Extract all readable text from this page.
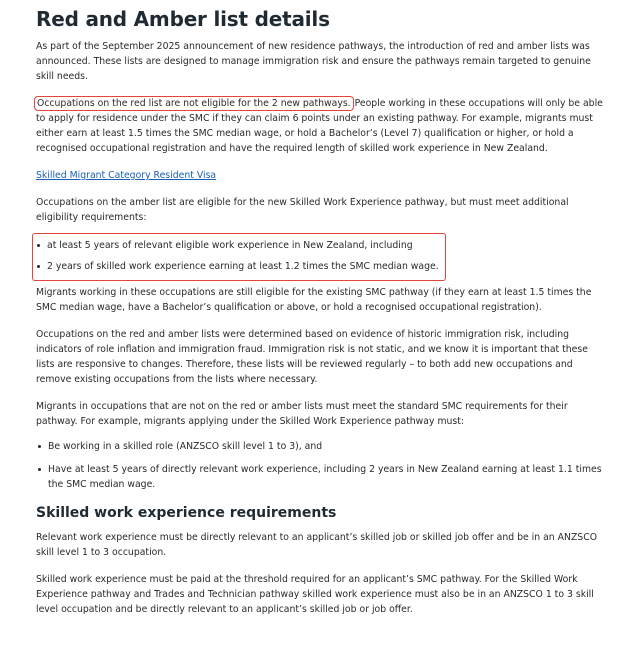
Red and Amber list details

As part of the September 2025 announcement of new residence pathways, the introduction of red and amber lists was announced. These lists are designed to manage immigration risk and ensure the pathways remain targeted to genuine skill needs.

Occupations on the red list are not eligible for the 2 new pathways. People working in these occupations will only be able to apply for residence under the SMC if they can claim 6 points under an existing pathway. For example, migrants must either earn at least 1.5 times the SMC median wage, or hold a Bachelor’s (Level 7) qualification or higher, or hold a recognised occupational registration and have the required length of skilled work experience in New Zealand.

Skilled Migrant Category Resident Visa

Occupations on the amber list are eligible for the new Skilled Work Experience pathway, but must meet additional eligibility requirements:

at least 5 years of relevant eligible work experience in New Zealand, including
2 years of skilled work experience earning at least 1.2 times the SMC median wage.

Migrants working in these occupations are still eligible for the existing SMC pathway (if they earn at least 1.5 times the SMC median wage, have a Bachelor’s qualification or above, or hold a recognised occupational registration).

Occupations on the red and amber lists were determined based on evidence of historic immigration risk, including indicators of role inflation and immigration fraud. Immigration risk is not static, and we know it is important that these lists are responsive to changes. Therefore, these lists will be reviewed regularly – to both add new occupations and remove existing occupations from the lists where necessary.

Migrants in occupations that are not on the red or amber lists must meet the standard SMC requirements for their pathway. For example, migrants applying under the Skilled Work Experience pathway must:

Be working in a skilled role (ANZSCO skill level 1 to 3), and
Have at least 5 years of directly relevant work experience, including 2 years in New Zealand earning at least 1.1 times the SMC median wage.
Skilled work experience requirements

Relevant work experience must be directly relevant to an applicant’s skilled job or skilled job offer and be in an ANZSCO skill level 1 to 3 occupation.

Skilled work experience must be paid at the threshold required for an applicant’s SMC pathway. For the Skilled Work Experience pathway and Trades and Technician pathway skilled work experience must also be in an ANZSCO 1 to 3 skill level occupation and be directly relevant to an applicant’s skilled job or job offer.
